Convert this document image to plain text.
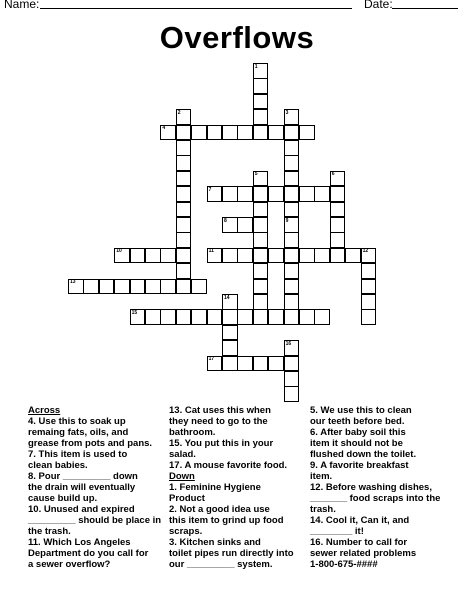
Name:	Date:
Overflows
1
2	3
4
5	6
7
8	9
10	11	12
13
14
15
16
17
Across

4. Use this to soak up
remaing fats, oils, and
grease from pots and pans.

7. This item is used to
clean babies.

8. Pour _________ down
the drain will eventually
cause build up.

10. Unused and expired
_________ should be place in
the trash.

11. Which Los Angeles
Department do you call for
a sewer overflow?

13. Cat uses this when
they need to go to the
bathroom.

15. You put this in your
salad.

17. A mouse favorite food.

Down

1. Feminine Hygiene
Product

2. Not a good idea use
this item to grind up food
scraps.

3. Kitchen sinks and
toilet pipes run directly into
our _________ system.

5. We use this to clean
our teeth before bed.

6. After baby soil this
item it should not be
flushed down the toilet.

9. A favorite breakfast
item.

12. Before washing dishes,
_______ food scraps into the
trash.

14. Cool it, Can it, and
________ it!

16. Number to call for
sewer related problems
1-800-675-####
